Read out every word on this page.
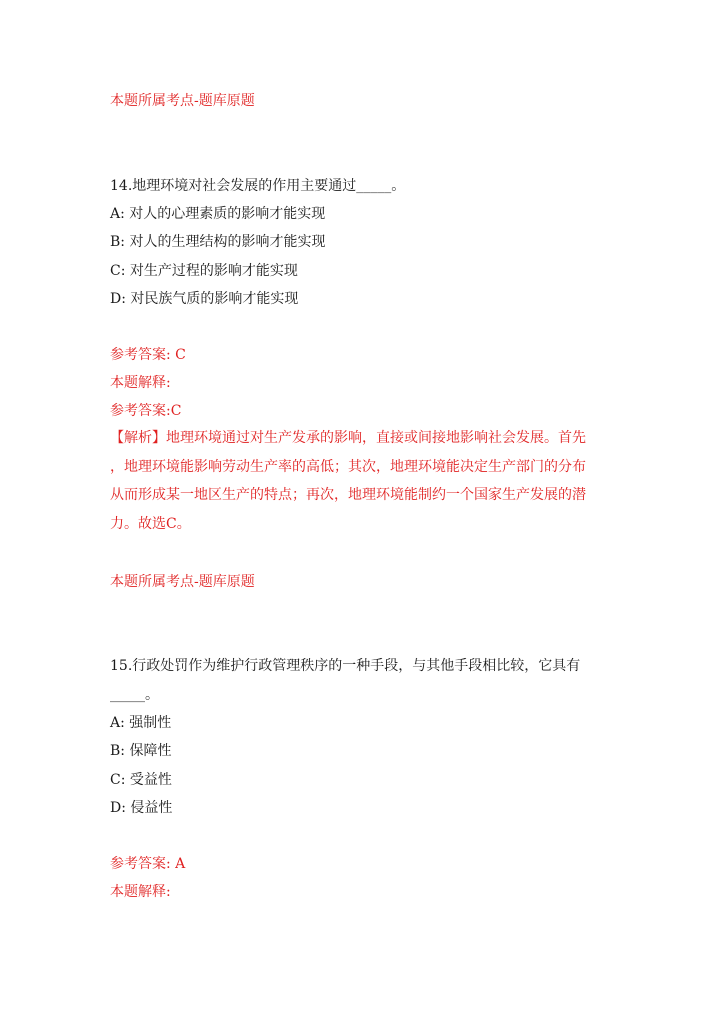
本题所属考点-题库原题
14.地理环境对社会发展的作用主要通过_____。
A: 对人的心理素质的影响才能实现
B: 对人的生理结构的影响才能实现
C: 对生产过程的影响才能实现
D: 对民族气质的影响才能实现
参考答案: C
本题解释:
参考答案:C
【解析】地理环境通过对生产发承的影响，直接或间接地影响社会发展。首先
，地理环境能影响劳动生产率的高低；其次，地理环境能决定生产部门的分布
从而形成某一地区生产的特点；再次，地理环境能制约一个国家生产发展的潜
力。故选C。
本题所属考点-题库原题
15.行政处罚作为维护行政管理秩序的一种手段，与其他手段相比较，它具有
_____。
A: 强制性
B: 保障性
C: 受益性
D: 侵益性
参考答案: A
本题解释:
